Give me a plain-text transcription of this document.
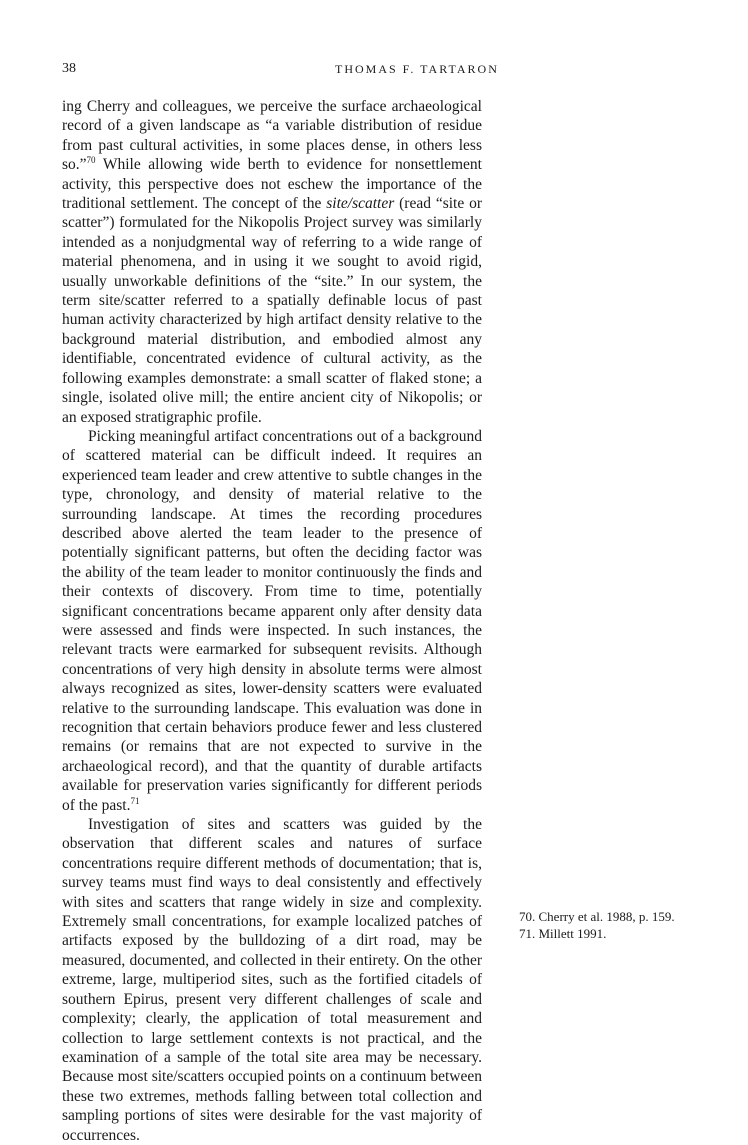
38	THOMAS F. TARTARON

ing Cherry and colleagues, we perceive the surface archaeological record of a given landscape as “a variable distribution of residue from past cultural activities, in some places dense, in others less so.”$^{70}$ While allowing wide berth to evidence for nonsettlement activity, this perspective does not eschew the importance of the traditional settlement. The concept of the site/scatter (read “site or scatter”) formulated for the Nikopolis Project survey was similarly intended as a nonjudgmental way of referring to a wide range of material phenomena, and in using it we sought to avoid rigid, usually unworkable definitions of the “site.” In our system, the term site/scatter referred to a spatially definable locus of past human activity characterized by high artifact density relative to the background material distribution, and embodied almost any identifiable, concentrated evidence of cultural activity, as the following examples demonstrate: a small scatter of flaked stone; a single, isolated olive mill; the entire ancient city of Nikopolis; or an exposed stratigraphic profile.

Picking meaningful artifact concentrations out of a background of scattered material can be difficult indeed. It requires an experienced team leader and crew attentive to subtle changes in the type, chronology, and density of material relative to the surrounding landscape. At times the recording procedures described above alerted the team leader to the presence of potentially significant patterns, but often the deciding factor was the ability of the team leader to monitor continuously the finds and their contexts of discovery. From time to time, potentially significant concentrations became apparent only after density data were assessed and finds were inspected. In such instances, the relevant tracts were earmarked for subsequent revisits. Although concentrations of very high density in absolute terms were almost always recognized as sites, lower-density scatters were evaluated relative to the surrounding landscape. This evaluation was done in recognition that certain behaviors produce fewer and less clustered remains (or remains that are not expected to survive in the archaeological record), and that the quantity of durable artifacts available for preservation varies significantly for different periods of the past.$^{71}$

Investigation of sites and scatters was guided by the observation that different scales and natures of surface concentrations require different methods of documentation; that is, survey teams must find ways to deal consistently and effectively with sites and scatters that range widely in size and complexity. Extremely small concentrations, for example localized patches of artifacts exposed by the bulldozing of a dirt road, may be measured, documented, and collected in their entirety. On the other extreme, large, multiperiod sites, such as the fortified citadels of southern Epirus, present very different challenges of scale and complexity; clearly, the application of total measurement and collection to large settlement contexts is not practical, and the examination of a sample of the total site area may be necessary. Because most site/scatters occupied points on a continuum between these two extremes, methods falling between total collection and sampling portions of sites were desirable for the vast majority of occurrences.

70. Cherry et al. 1988, p. 159.
71. Millett 1991.
